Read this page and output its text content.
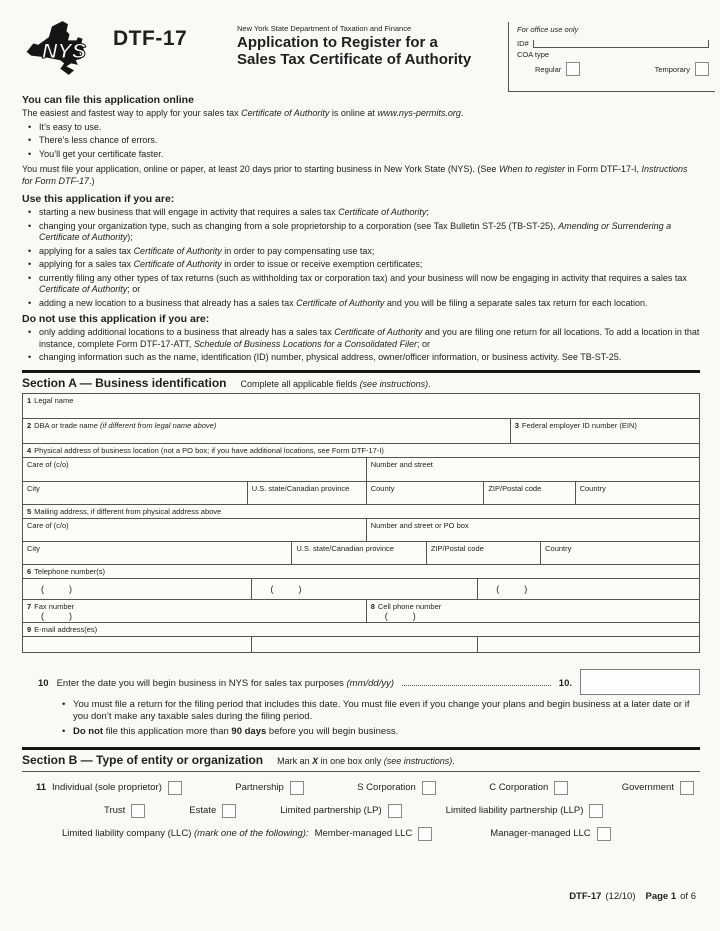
NYS
DTF-17	New York State Department of Taxation and Finance
Application to Register for a
Sales Tax Certificate of Authority
For office use only
ID#
COA type
Regular	Temporary
You can file this application online

The easiest and fastest way to apply for your sales tax Certificate of Authority is online at www.nys-permits.org.

• It’s easy to use.
• There’s less chance of errors.
• You’ll get your certificate faster.

You must file your application, online or paper, at least 20 days prior to starting business in New York State (NYS). (See When to register in Form DTF-17-I, Instructions for Form DTF-17.)

Use this application if you are:
• starting a new business that will engage in activity that requires a sales tax Certificate of Authority;
• changing your organization type, such as changing from a sole proprietorship to a corporation (see Tax Bulletin ST-25 (TB-ST-25), Amending or Surrendering a Certificate of Authority);
• applying for a sales tax Certificate of Authority in order to pay compensating use tax;
• applying for a sales tax Certificate of Authority in order to issue or receive exemption certificates;
• currently filing any other types of tax returns (such as withholding tax or corporation tax) and your business will now be engaging in activity that requires a sales tax Certificate of Authority; or
• adding a new location to a business that already has a sales tax Certificate of Authority and you will be filing a separate sales tax return for each location.
Do not use this application if you are:
• only adding additional locations to a business that already has a sales tax Certificate of Authority and you are filing one return for all locations. To add a location in that instance, complete Form DTF-17-ATT, Schedule of Business Locations for a Consolidated Filer; or
• changing information such as the name, identification (ID) number, physical address, owner/officer information, or business activity. See TB-ST-25.
Section A — Business identification Complete all applicable fields (see instructions).
1 Legal name
2 DBA or trade name (if different from legal name above)	3 Federal employer ID number (EIN)
4 Physical address of business location (not a PO box; if you have additional locations, see Form DTF-17-I)
Care of (c/o)	Number and street
City	U.S. state/Canadian province	County	ZIP/Postal code	Country
5 Mailing address, if different from physical address above
Care of (c/o)	Number and street or PO box
City	U.S. state/Canadian province	ZIP/Postal code	Country
6 Telephone number(s)
(          )	(          )	(          )
7 Fax number
(          )
8 Cell phone number
(          )
9 E-mail address(es)
10 Enter the date you will begin business in NYS for sales tax purposes (mm/dd/yy)	10.
• You must file a return for the filing period that includes this date. You must file even if you change your plans and begin business at a later date or if you don’t make any taxable sales during the filing period.
• Do not file this application more than 90 days before you will begin business.
Section B — Type of entity or organization Mark an X in one box only (see instructions).
11 Individual (sole proprietor)	Partnership	S Corporation	C Corporation	Government
Trust	Estate	Limited partnership (LP)	Limited liability partnership (LLP)
Limited liability company (LLC) (mark one of the following): Member-managed LLC	Manager-managed LLC
DTF-17 (12/10) Page 1 of 6
